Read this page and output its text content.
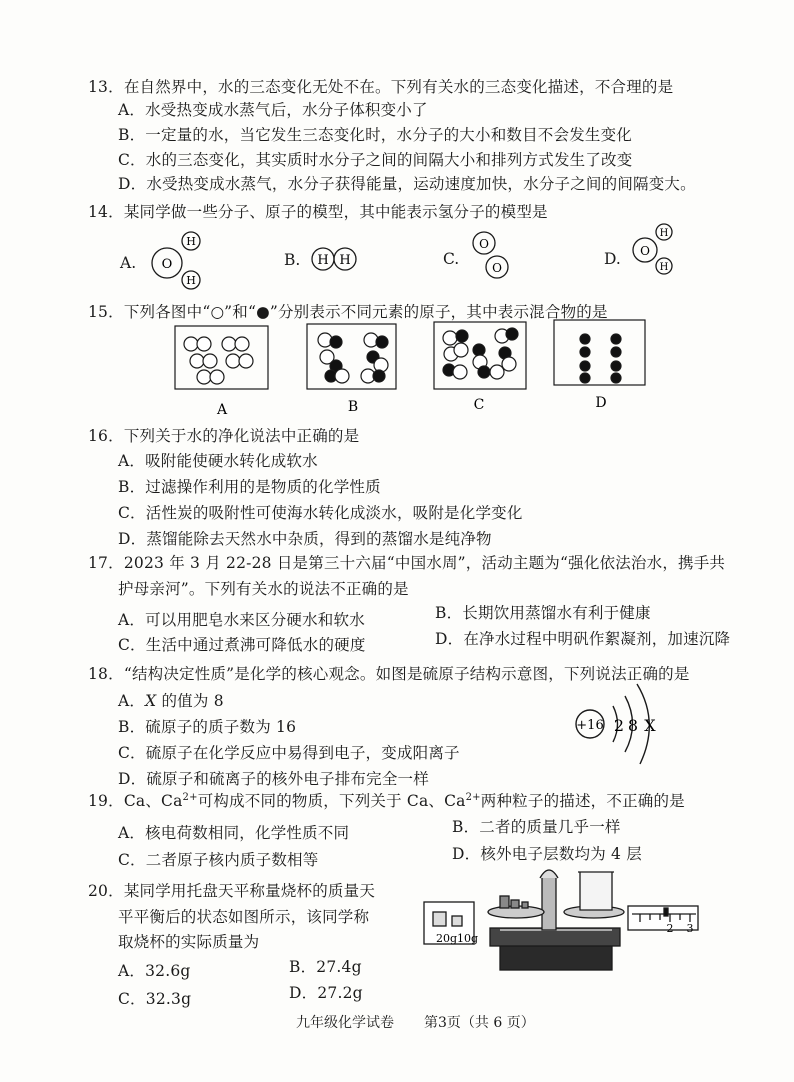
13．在自然界中，水的三态变化无处不在。下列有关水的三态变化描述，不合理的是
A．水受热变成水蒸气后，水分子体积变小了
B．一定量的水，当它发生三态变化时，水分子的大小和数目不会发生变化
C．水的三态变化，其实质时水分子之间的间隔大小和排列方式发生了改变
D．水受热变成水蒸气，水分子获得能量，运动速度加快，水分子之间的间隔变大。
14．某同学做一些分子、原子的模型，其中能表示氢分子的模型是
A.	B.	C.	D.
O
H
H
H H
O
O
O
H
H
A	B	C	D
+16 2 8 X
20g 10g
2 3
15．下列各图中“○”和“●”分别表示不同元素的原子，其中表示混合物的是
16．下列关于水的净化说法中正确的是
A．吸附能使硬水转化成软水
B．过滤操作利用的是物质的化学性质
C．活性炭的吸附性可使海水转化成淡水，吸附是化学变化
D．蒸馏能除去天然水中杂质，得到的蒸馏水是纯净物
17．2023 年 3 月 22-28 日是第三十六届“中国水周”，活动主题为“强化依法治水，携手共
护母亲河”。下列有关水的说法不正确的是
A．可以用肥皂水来区分硬水和软水	B．长期饮用蒸馏水有利于健康
C．生活中通过煮沸可降低水的硬度	D．在净水过程中明矾作絮凝剂，加速沉降
18．“结构决定性质”是化学的核心观念。如图是硫原子结构示意图，下列说法正确的是
A．X 的值为 8
B．硫原子的质子数为 16
C．硫原子在化学反应中易得到电子，变成阳离子
D．硫原子和硫离子的核外电子排布完全一样
19．Ca、$Ca^{2+}$可构成不同的物质，下列关于 Ca、$Ca^{2+}$两种粒子的描述，不正确的是
A．核电荷数相同，化学性质不同	B．二者的质量几乎一样
C．二者原子核内质子数相等	D．核外电子层数均为 4 层
20．某同学用托盘天平称量烧杯的质量天
平平衡后的状态如图所示，该同学称
取烧杯的实际质量为
A．32.6g	B．27.4g
C．32.3g	D．27.2g
九年级化学试卷 第3页（共 6 页）
